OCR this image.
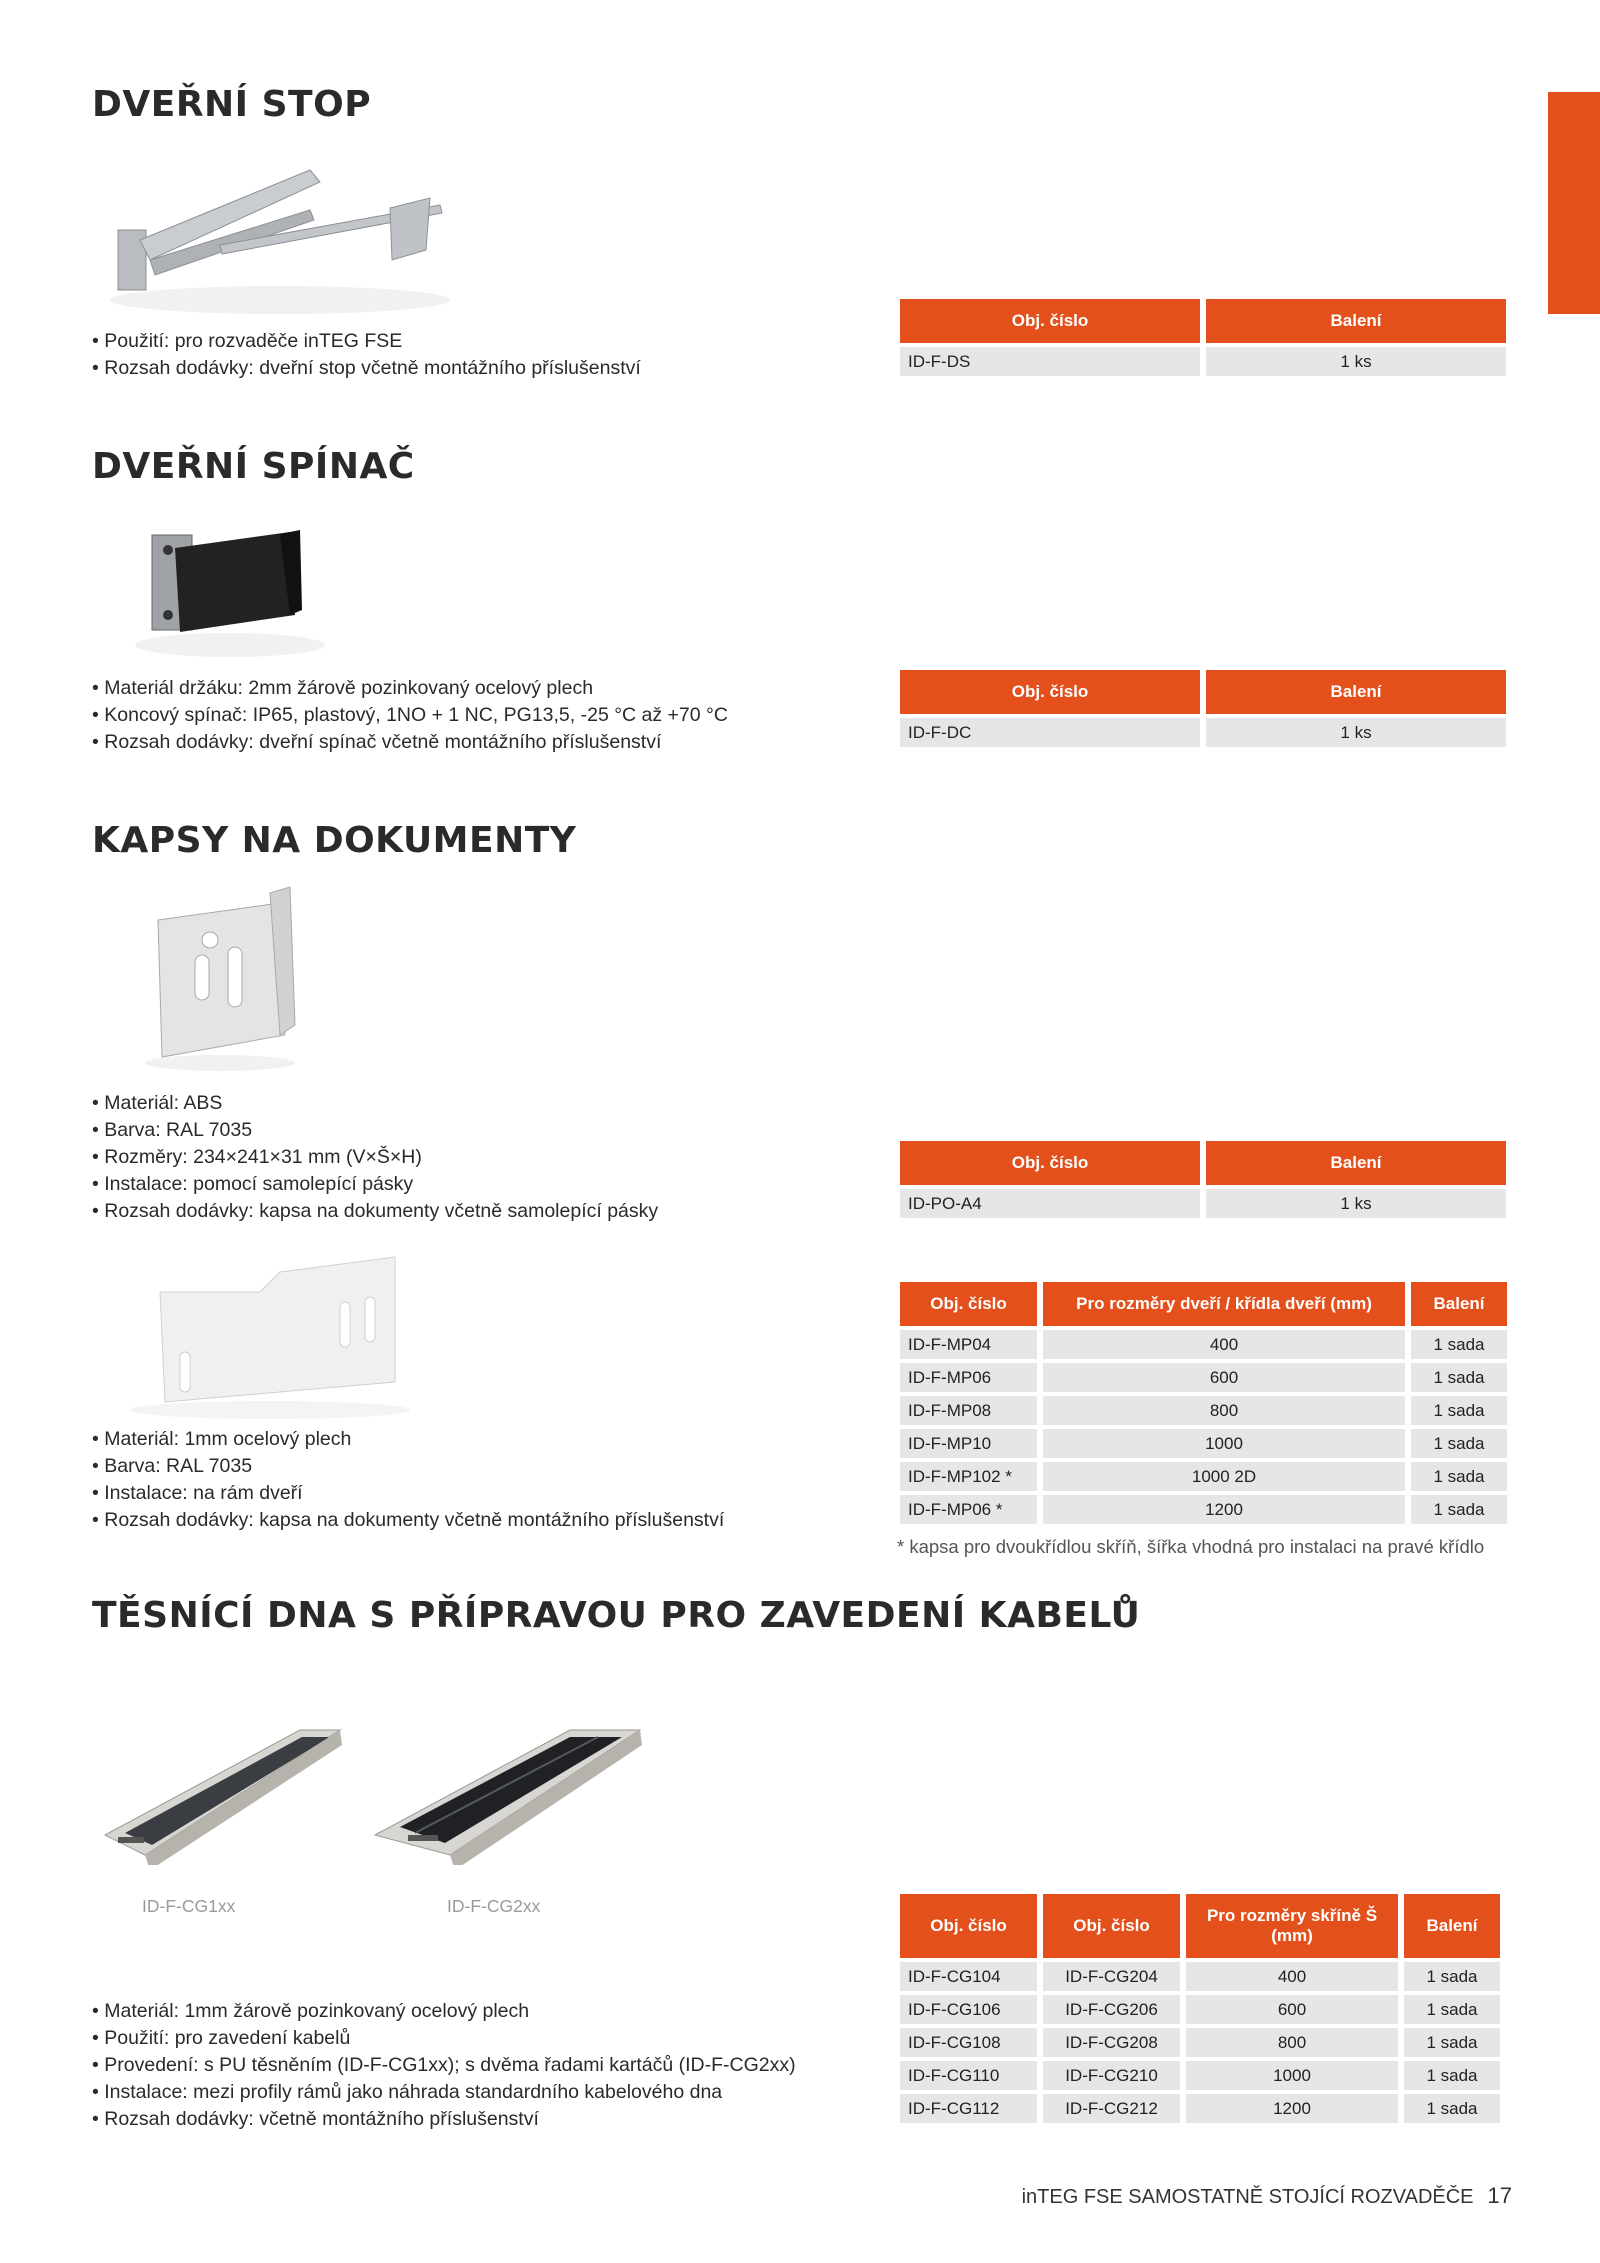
DVEŘNÍ STOP
• Použití: pro rozvaděče inTEG FSE
• Rozsah dodávky: dveřní stop včetně montážního příslušenství
Obj. číslo	Balení
ID-F-DS	1 ks
DVEŘNÍ SPÍNAČ
• Materiál držáku: 2mm žárově pozinkovaný ocelový plech
• Koncový spínač: IP65, plastový, 1NO + 1 NC, PG13,5, -25 °C až +70 °C
• Rozsah dodávky: dveřní spínač včetně montážního příslušenství
Obj. číslo	Balení
ID-F-DC	1 ks
KAPSY NA DOKUMENTY
• Materiál: ABS
• Barva: RAL 7035
• Rozměry: 234×241×31 mm (V×Š×H)
• Instalace: pomocí samolepící pásky
• Rozsah dodávky: kapsa na dokumenty včetně samolepící pásky
Obj. číslo	Balení
ID-PO-A4	1 ks
• Materiál: 1mm ocelový plech
• Barva: RAL 7035
• Instalace: na rám dveří
• Rozsah dodávky: kapsa na dokumenty včetně montážního příslušenství
Obj. číslo	Pro rozměry dveří / křídla dveří (mm)	Balení
ID-F-MP04	400	1 sada
ID-F-MP06	600	1 sada
ID-F-MP08	800	1 sada
ID-F-MP10	1000	1 sada
ID-F-MP102 *	1000 2D	1 sada
ID-F-MP06 *	1200	1 sada
* kapsa pro dvoukřídlou skříň, šířka vhodná pro instalaci na pravé křídlo
TĚSNÍCÍ DNA S PŘÍPRAVOU PRO ZAVEDENÍ KABELŮ
ID-F-CG1xx	ID-F-CG2xx
• Materiál: 1mm žárově pozinkovaný ocelový plech
• Použití: pro zavedení kabelů
• Provedení: s PU těsněním (ID-F-CG1xx); s dvěma řadami kartáčů (ID-F-CG2xx)
• Instalace: mezi profily rámů jako náhrada standardního kabelového dna
• Rozsah dodávky: včetně montážního příslušenství
Obj. číslo	Obj. číslo	Pro rozměry skříně Š (mm)	Balení
ID-F-CG104	ID-F-CG204	400	1 sada
ID-F-CG106	ID-F-CG206	600	1 sada
ID-F-CG108	ID-F-CG208	800	1 sada
ID-F-CG110	ID-F-CG210	1000	1 sada
ID-F-CG112	ID-F-CG212	1200	1 sada
inTEG FSE SAMOSTATNĚ STOJÍCÍ ROZVADĚČE 17
